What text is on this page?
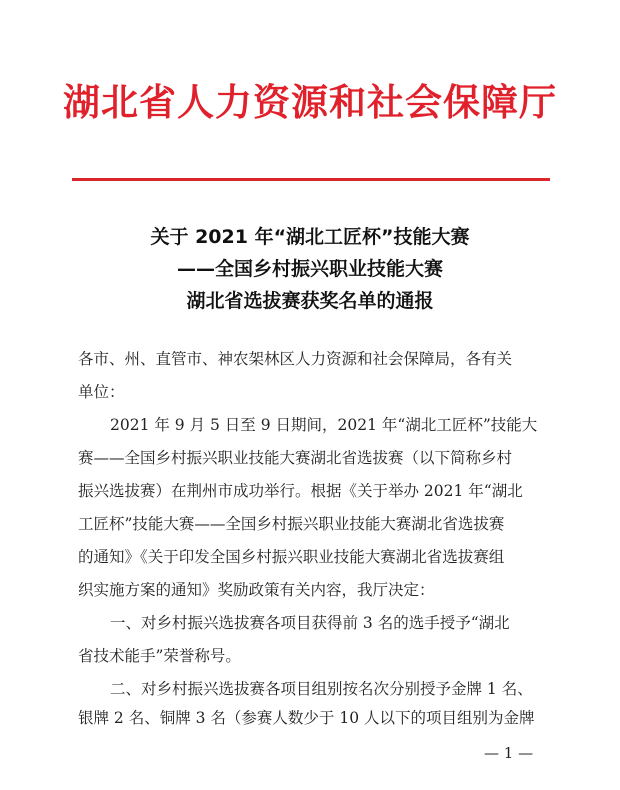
湖北省人力资源和社会保障厅
关于 2021 年“湖北工匠杯”技能大赛
——全国乡村振兴职业技能大赛
湖北省选拔赛获奖名单的通报
各市、州、直管市、神农架林区人力资源和社会保障局，各有关
单位：
2021 年 9 月 5 日至 9 日期间，2021 年“湖北工匠杯”技能大
赛——全国乡村振兴职业技能大赛湖北省选拔赛（以下简称乡村
振兴选拔赛）在荆州市成功举行。根据《关于举办 2021 年“湖北
工匠杯”技能大赛——全国乡村振兴职业技能大赛湖北省选拔赛
的通知》《关于印发全国乡村振兴职业技能大赛湖北省选拔赛组
织实施方案的通知》奖励政策有关内容，我厅决定：
一、对乡村振兴选拔赛各项目获得前 3 名的选手授予“湖北
省技术能手”荣誉称号。
二、对乡村振兴选拔赛各项目组别按名次分别授予金牌 1 名、
银牌 2 名、铜牌 3 名（参赛人数少于 10 人以下的项目组别为金牌
— 1 —
